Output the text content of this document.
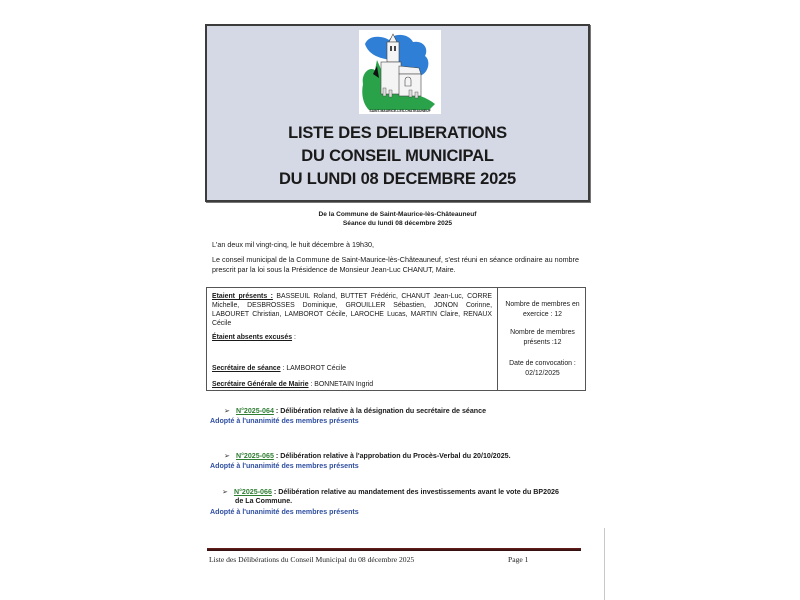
SAINT-MAURICE-LES-CHATEAUNEUF
LISTE DES DELIBERATIONS
DU CONSEIL MUNICIPAL
DU LUNDI 08 DECEMBRE 2025
De la Commune de Saint-Maurice-lès-Châteauneuf
Séance du lundi 08 décembre 2025
L'an deux mil vingt-cinq, le huit décembre à 19h30,
Le conseil municipal de la Commune de Saint-Maurice-lès-Châteauneuf, s'est réuni en séance ordinaire au nombre prescrit par la loi sous la Présidence de Monsieur Jean-Luc CHANUT, Maire.
Etaient présents : BASSEUIL Roland, BUTTET Frédéric, CHANUT Jean-Luc, CORRE Michelle, DESBROSSES Dominique, GROUILLER Sébastien, JONON Corinne, LABOURET Christian, LAMBOROT Cécile, LAROCHE Lucas, MARTIN Claire, RENAUX Cécile
Étaient absents excusés :
Secrétaire de séance : LAMBOROT Cécile
Secrétaire Générale de Mairie : BONNETAIN Ingrid
Nombre de membres en
exercice : 12
Nombre de membres
présents :12
Date de convocation :
02/12/2025
➢ N°2025-064 : Délibération relative à la désignation du secrétaire de séance
Adopté à l'unanimité des membres présents
➢ N°2025-065 : Délibération relative à l'approbation du Procès-Verbal du 20/10/2025.
Adopté à l'unanimité des membres présents
➢ N°2025-066 : Délibération relative au mandatement des investissements avant le vote du BP2026
de La Commune.
Adopté à l'unanimité des membres présents
Liste des Délibérations du Conseil Municipal du 08 décembre 2025	Page 1
